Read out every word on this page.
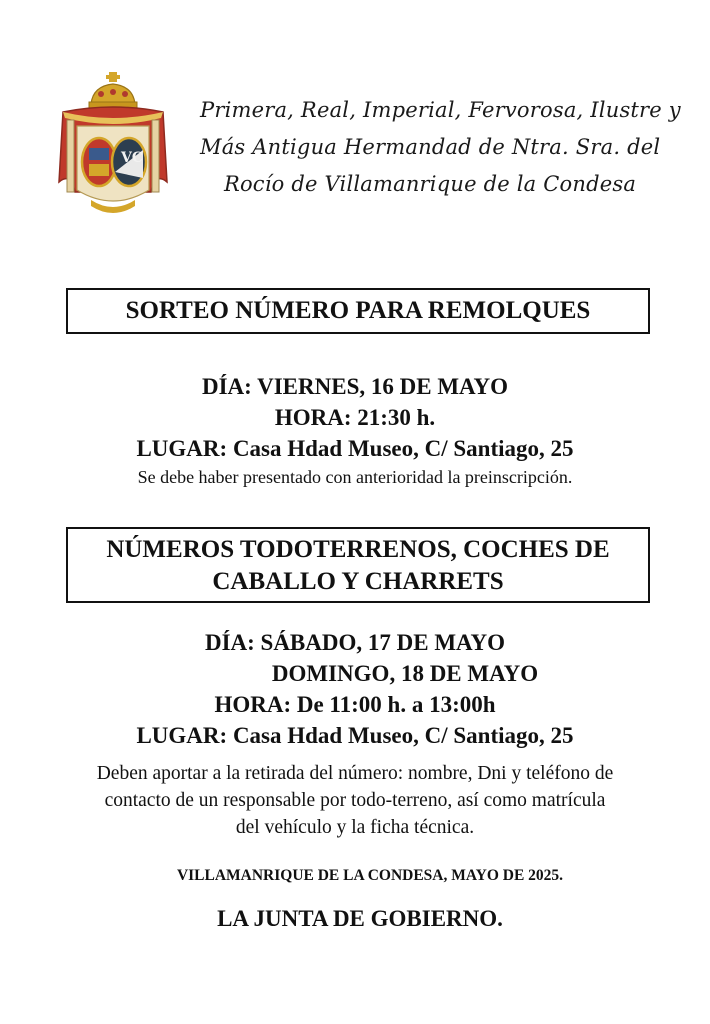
VC
Primera, Real, Imperial, Fervorosa, Ilustre y
Más Antigua Hermandad de Ntra. Sra. del
Rocío de Villamanrique de la Condesa
SORTEO NÚMERO PARA REMOLQUES
DÍA: VIERNES, 16 DE MAYO
HORA: 21:30 h.
LUGAR: Casa Hdad Museo, C/ Santiago, 25
Se debe haber presentado con anterioridad la preinscripción.
NÚMEROS TODOTERRENOS, COCHES DE
CABALLO Y CHARRETS
DÍA: SÁBADO, 17 DE MAYO
DOMINGO, 18 DE MAYO
HORA: De 11:00 h. a 13:00h
LUGAR: Casa Hdad Museo, C/ Santiago, 25
Deben aportar a la retirada del número: nombre, Dni y teléfono de
contacto de un responsable por todo-terreno, así como matrícula
del vehículo y la ficha técnica.
VILLAMANRIQUE DE LA CONDESA, MAYO DE 2025.
LA JUNTA DE GOBIERNO.
